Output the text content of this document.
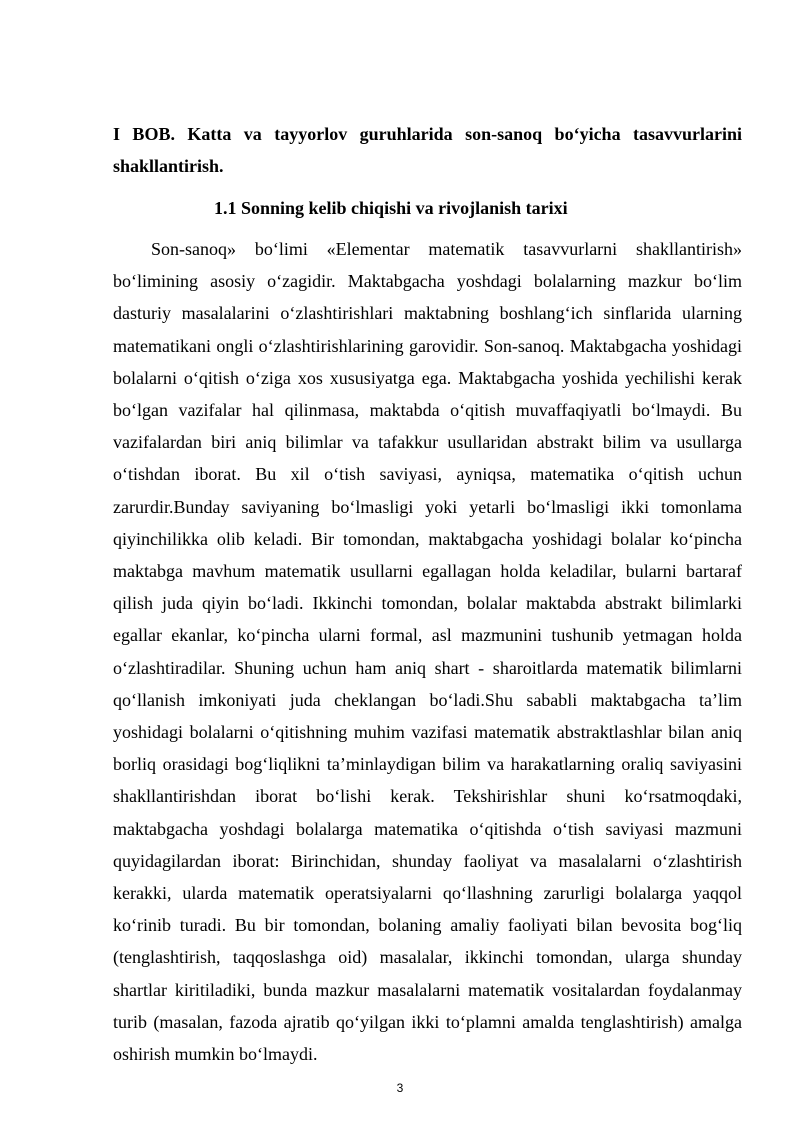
I BOB. Katta va tayyorlov guruhlarida son-sanoq bo‘yicha tasavvurlarini shakllantirish.

1.1 Sonning kelib chiqishi va rivojlanish tarixi

Son-sanoq» bo‘limi «Elementar matematik tasavvurlarni shakllantirish» bo‘limining asosiy o‘zagidir. Maktabgacha yoshdagi bolalarning mazkur bo‘lim dasturiy masalalarini o‘zlashtirishlari maktabning boshlang‘ich sinflarida ularning matematikani ongli o‘zlashtirishlarining garovidir. Son-sanoq. Maktabgacha yoshidagi bolalarni o‘qitish o‘ziga xos xususiyatga ega. Maktabgacha yoshida yechilishi kerak bo‘lgan vazifalar hal qilinmasa, maktabda o‘qitish muvaffaqiyatli bo‘lmaydi. Bu vazifalardan biri aniq bilimlar va tafakkur usullaridan abstrakt bilim va usullarga o‘tishdan iborat. Bu xil o‘tish saviyasi, ayniqsa, matematika o‘qitish uchun zarurdir.Bunday saviyaning bo‘lmasligi yoki yetarli bo‘lmasligi ikki tomonlama qiyinchilikka olib keladi. Bir tomondan, maktabgacha yoshidagi bolalar ko‘pincha maktabga mavhum matematik usullarni egallagan holda keladilar, bularni bartaraf qilish juda qiyin bo‘ladi. Ikkinchi tomondan, bolalar maktabda abstrakt bilimlarki egallar ekanlar, ko‘pincha ularni formal, asl mazmunini tushunib yetmagan holda o‘zlashtiradilar. Shuning uchun ham aniq shart - sharoitlarda matematik bilimlarni qo‘llanish imkoniyati juda cheklangan bo‘ladi.Shu sababli maktabgacha ta’lim yoshidagi bolalarni o‘qitishning muhim vazifasi matematik abstraktlashlar bilan aniq borliq orasidagi bog‘liqlikni ta’minlaydigan bilim va harakatlarning oraliq saviyasini shakllantirishdan iborat bo‘lishi kerak. Tekshirishlar shuni ko‘rsatmoqdaki, maktabgacha yoshdagi bolalarga matematika o‘qitishda o‘tish saviyasi mazmuni quyidagilardan iborat: Birinchidan, shunday faoliyat va masalalarni o‘zlashtirish kerakki, ularda matematik operatsiyalarni qo‘llashning zarurligi bolalarga yaqqol ko‘rinib turadi. Bu bir tomondan, bolaning amaliy faoliyati bilan bevosita bog‘liq (tenglashtirish, taqqoslashga oid) masalalar, ikkinchi tomondan, ularga shunday shartlar kiritiladiki, bunda mazkur masalalarni matematik vositalardan foydalanmay turib (masalan, fazoda ajratib qo‘yilgan ikki to‘plamni amalda tenglashtirish) amalga oshirish mumkin bo‘lmaydi.

3
